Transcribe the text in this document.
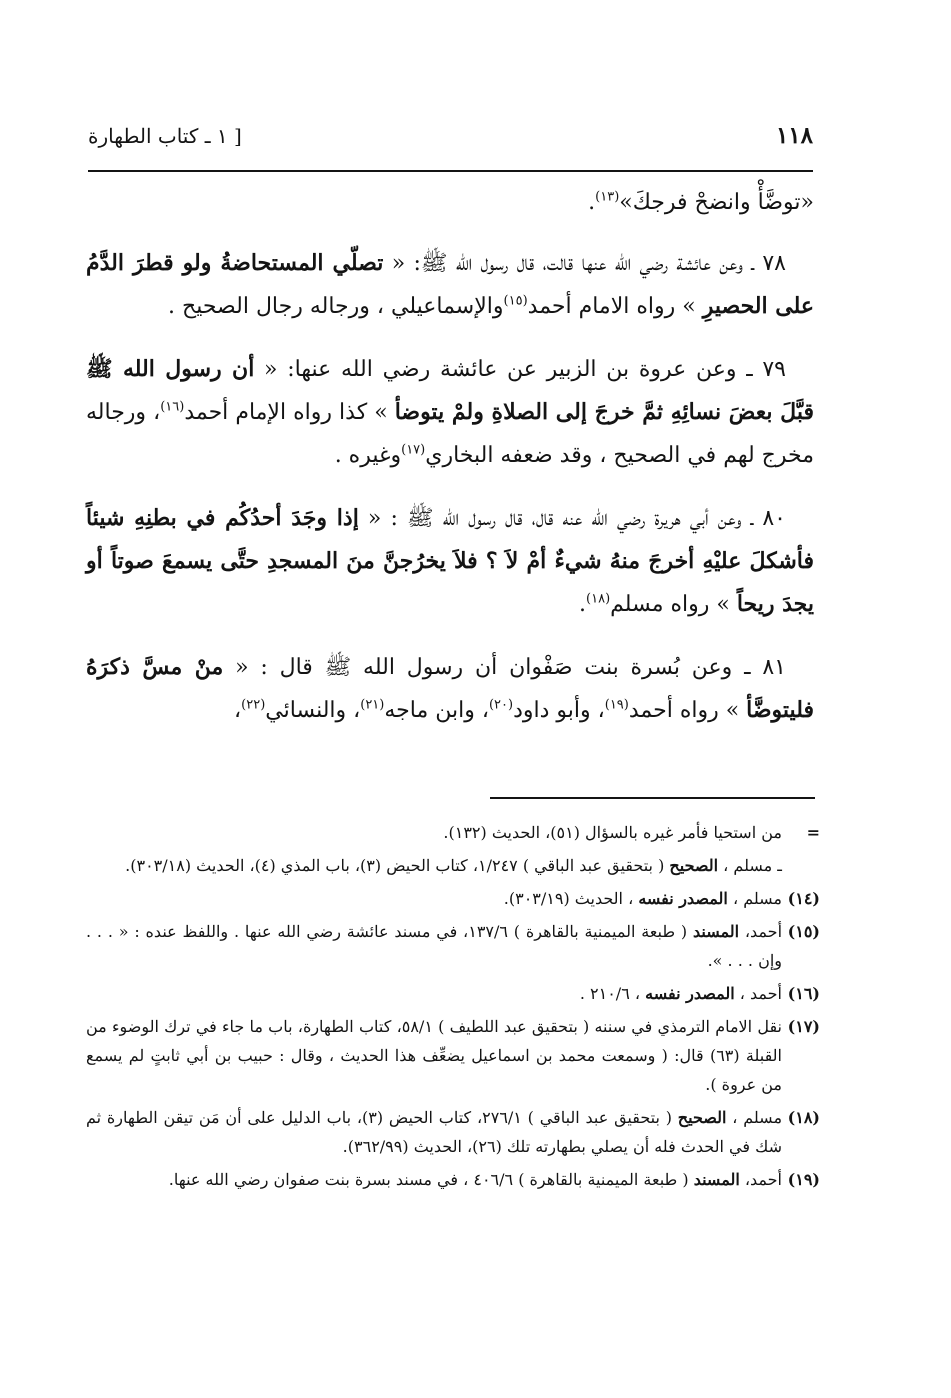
١١٨
[ ١ ـ كتاب الطهارة

«توضَّأْ وانضحْ فرجكَ»$^{(١٣)}$.

٧٨ ـ وعن عائشة رضي الله عنها قالت، قال رسول الله ﷺ: « تصلّي المستحاضةُ ولو قطرَ الدَّمُ على الحصيرِ » رواه الامام أحمد$^{(١٥)}$والإسماعيلي ، ورجاله رجال الصحيح .

٧٩ ـ وعن عروة بن الزبير عن عائشة رضي الله عنها: « أن رسول الله ﷺ قبَّلَ بعضَ نسائِهِ ثمَّ خرجَ إلى الصلاةِ ولمْ يتوضأ » كذا رواه الإمام أحمد$^{(١٦)}$، ورجاله مخرج لهم في الصحيح ، وقد ضعفه البخاري$^{(١٧)}$وغيره .

٨٠ ـ وعن أبي هريرة رضي الله عنه قال، قال رسول الله ﷺ : « إذا وجَدَ أحدُكُم في بطنِهِ شيئاً فأشكلَ عليْهِ أخرجَ منهُ شيءٌ أمْ لاَ ؟ فلاَ يخرُجنَّ منَ المسجدِ حتَّى يسمعَ صوتاً أو يجدَ ريحاً » رواه مسلم$^{(١٨)}$.

٨١ ـ وعن بُسرة بنت صَفْوان أن رسول الله ﷺ قال : « منْ مسَّ ذكرَهُ فليتوضَّأ » رواه أحمد$^{(١٩)}$، وأبو داود$^{(٢٠)}$، وابن ماجه$^{(٢١)}$، والنسائي$^{(٢٢)}$،

=
من استحيا فأمر غيره بالسؤال (٥١)، الحديث (١٣٢).
ـ مسلم ، الصحيح ( بتحقيق عبد الباقي ) ١/٢٤٧، كتاب الحيض (٣)، باب المذي (٤)، الحديث (٣٠٣/١٨).
(١٤)
مسلم ، المصدر نفسه ، الحديث (٣٠٣/١٩).
(١٥)
أحمد، المسند ( طبعة الميمنية بالقاهرة ) ١٣٧/٦، في مسند عائشة رضي الله عنها . واللفظ عنده : « . . . وإن . . . ».
(١٦)
أحمد ، المصدر نفسه ، ٢١٠/٦ .
(١٧)
نقل الامام الترمذي في سننه ( بتحقيق عبد اللطيف ) ٥٨/١، كتاب الطهارة، باب ما جاء في ترك الوضوء من القبلة (٦٣) قال: ( وسمعت محمد بن اسماعيل يضعِّف هذا الحديث ، وقال : حبيب بن أبي ثابتٍ لم يسمع من عروة ).
(١٨)
مسلم ، الصحيح ( بتحقيق عبد الباقي ) ٢٧٦/١، كتاب الحيض (٣)، باب الدليل على أن مَن تيقن الطهارة ثم شك في الحدث فله أن يصلي بطهارته تلك (٢٦)، الحديث (٣٦٢/٩٩).
(١٩)
أحمد، المسند ( طبعة الميمنية بالقاهرة ) ٤٠٦/٦ ، في مسند بسرة بنت صفوان رضي الله عنها.
